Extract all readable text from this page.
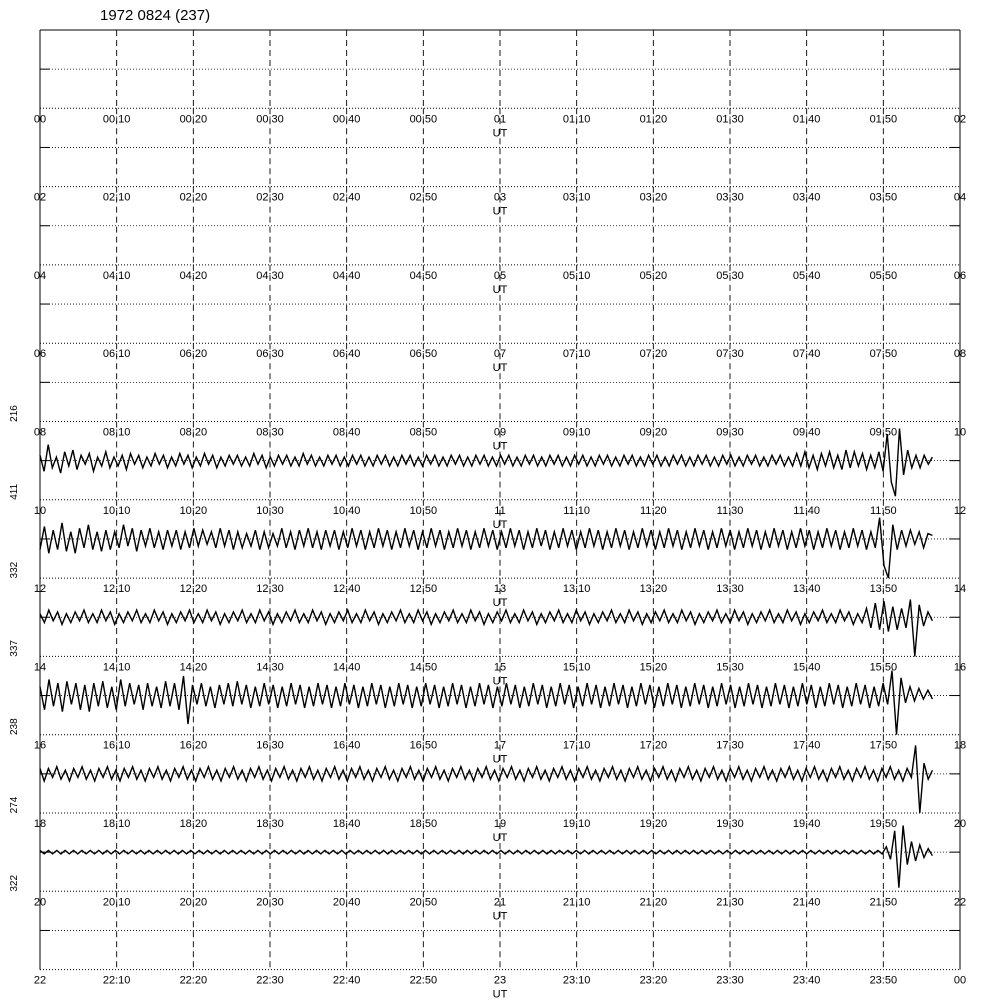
1972 0824 (237)
00	00:10	00:20	00:30	00:40	00:50	01	01:10	01:20	01:30	01:40	01:50	02
UT
02	02:10	02:20	02:30	02:40	02:50	03	03:10	03:20	03:30	03:40	03:50	04
UT
04	04:10	04:20	04:30	04:40	04:50	05	05:10	05:20	05:30	05:40	05:50	06
UT
06	06:10	06:20	06:30	06:40	06:50	07	07:10	07:20	07:30	07:40	07:50	08
UT
08	08:10	08:20	08:30	08:40	08:50	09	09:10	09:20	09:30	09:40	09:50	10
UT
216
10	10:10	10:20	10:30	10:40	10:50	11	11:10	11:20	11:30	11:40	11:50	12
UT
411
12	12:10	12:20	12:30	12:40	12:50	13	13:10	13:20	13:30	13:40	13:50	14
UT
332
14	14:10	14:20	14:30	14:40	14:50	15	15:10	15:20	15:30	15:40	15:50	16
UT
337
16	16:10	16:20	16:30	16:40	16:50	17	17:10	17:20	17:30	17:40	17:50	18
UT
238
18	18:10	18:20	18:30	18:40	18:50	19	19:10	19:20	19:30	19:40	19:50	20
UT
274
20	20:10	20:20	20:30	20:40	20:50	21	21:10	21:20	21:30	21:40	21:50	22
UT
322
22	22:10	22:20	22:30	22:40	22:50	23	23:10	23:20	23:30	23:40	23:50	00
UT
